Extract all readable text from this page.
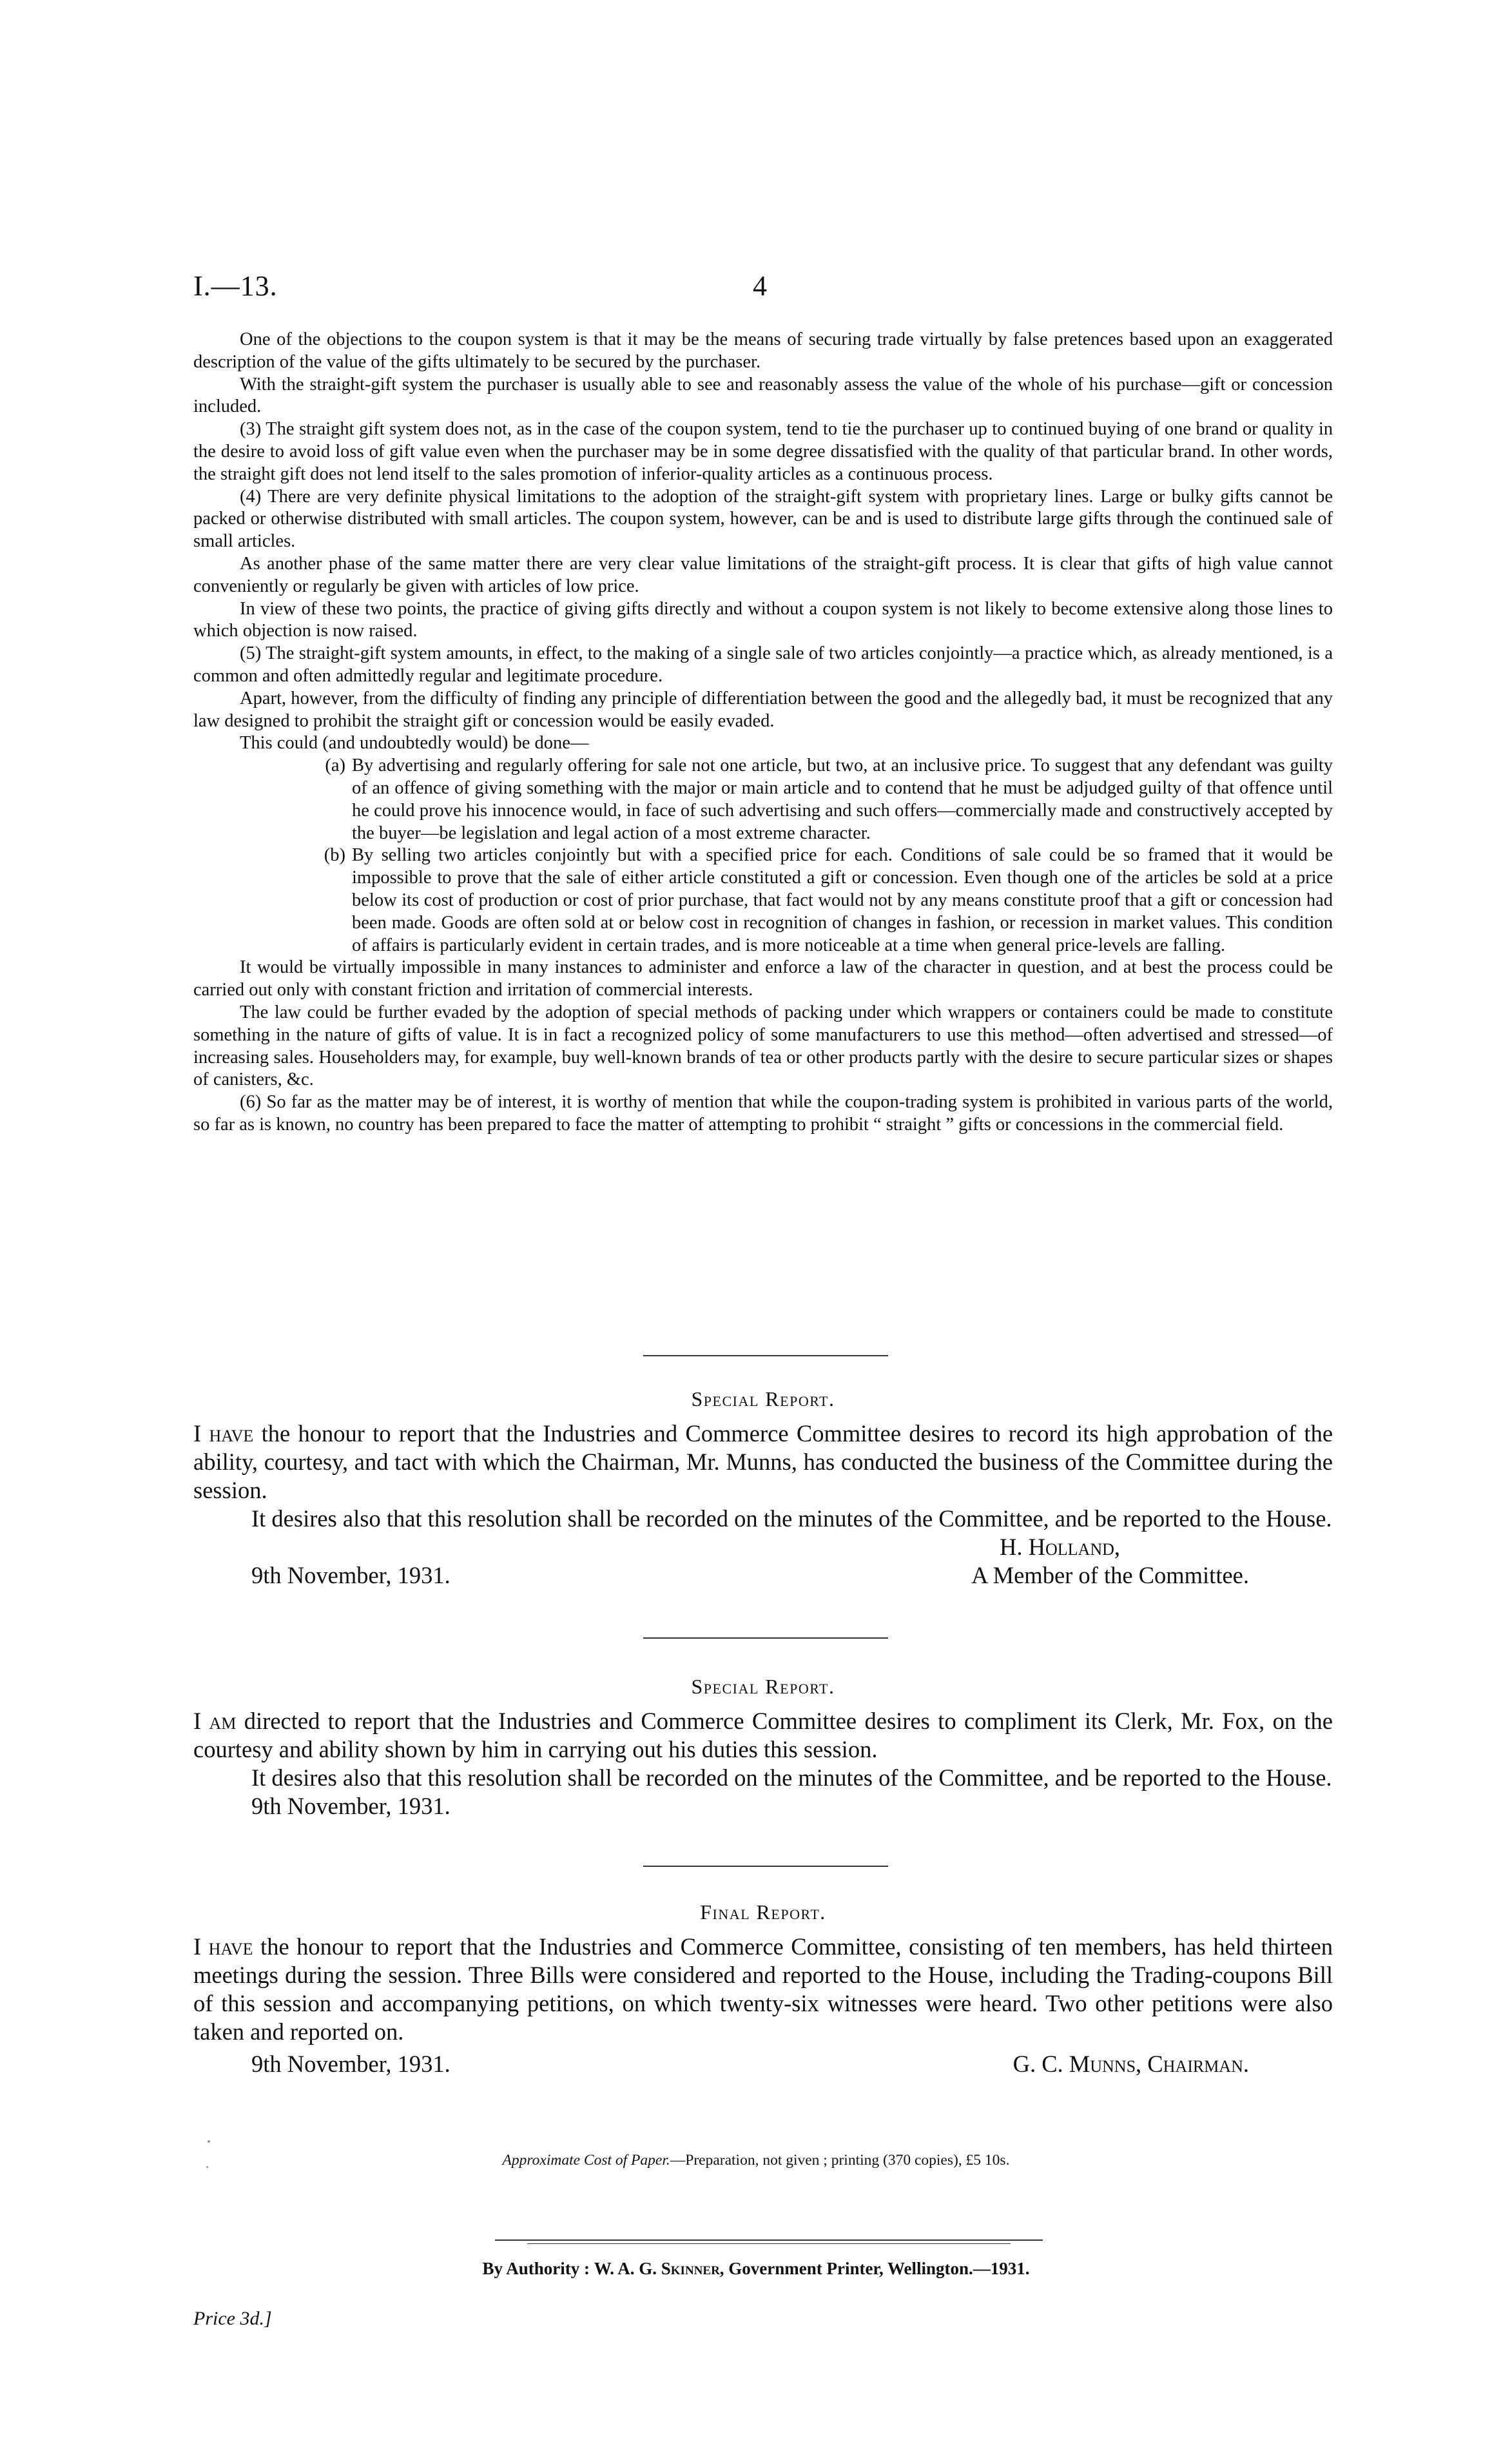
I.—13.	4

One of the objections to the coupon system is that it may be the means of securing trade virtually by false pretences based upon an exaggerated description of the value of the gifts ultimately to be secured by the purchaser.

With the straight-gift system the purchaser is usually able to see and reasonably assess the value of the whole of his purchase—gift or concession included.

(3) The straight gift system does not, as in the case of the coupon system, tend to tie the purchaser up to continued buying of one brand or quality in the desire to avoid loss of gift value even when the purchaser may be in some degree dissatisfied with the quality of that particular brand. In other words, the straight gift does not lend itself to the sales promotion of inferior-quality articles as a continuous process.

(4) There are very definite physical limitations to the adoption of the straight-gift system with proprietary lines. Large or bulky gifts cannot be packed or otherwise distributed with small articles. The coupon system, however, can be and is used to distribute large gifts through the continued sale of small articles.

As another phase of the same matter there are very clear value limitations of the straight-gift process. It is clear that gifts of high value cannot conveniently or regularly be given with articles of low price.

In view of these two points, the practice of giving gifts directly and without a coupon system is not likely to become extensive along those lines to which objection is now raised.

(5) The straight-gift system amounts, in effect, to the making of a single sale of two articles conjointly—a practice which, as already mentioned, is a common and often admittedly regular and legitimate procedure.

Apart, however, from the difficulty of finding any principle of differentiation between the good and the allegedly bad, it must be recognized that any law designed to prohibit the straight gift or concession would be easily evaded.

This could (and undoubtedly would) be done—

(a) By advertising and regularly offering for sale not one article, but two, at an inclusive price. To suggest that any defendant was guilty of an offence of giving something with the major or main article and to contend that he must be adjudged guilty of that offence until he could prove his innocence would, in face of such advertising and such offers—commercially made and constructively accepted by the buyer—be legislation and legal action of a most extreme character.
(b) By selling two articles conjointly but with a specified price for each. Conditions of sale could be so framed that it would be impossible to prove that the sale of either article constituted a gift or concession. Even though one of the articles be sold at a price below its cost of production or cost of prior purchase, that fact would not by any means constitute proof that a gift or concession had been made. Goods are often sold at or below cost in recognition of changes in fashion, or recession in market values. This condition of affairs is particularly evident in certain trades, and is more noticeable at a time when general price-levels are falling.

It would be virtually impossible in many instances to administer and enforce a law of the character in question, and at best the process could be carried out only with constant friction and irritation of commercial interests.

The law could be further evaded by the adoption of special methods of packing under which wrappers or containers could be made to constitute something in the nature of gifts of value. It is in fact a recognized policy of some manufacturers to use this method—often advertised and stressed—of increasing sales. Householders may, for example, buy well-known brands of tea or other products partly with the desire to secure particular sizes or shapes of canisters, &c.

(6) So far as the matter may be of interest, it is worthy of mention that while the coupon-trading system is prohibited in various parts of the world, so far as is known, no country has been prepared to face the matter of attempting to prohibit “ straight ” gifts or concessions in the commercial field.

Special Report.

I have the honour to report that the Industries and Commerce Committee desires to record its high approbation of the ability, courtesy, and tact with which the Chairman, Mr. Munns, has conducted the business of the Committee during the session.

It desires also that this resolution shall be recorded on the minutes of the Committee, and be reported to the House.

H. Holland,
9th November, 1931.	A Member of the Committee.
Special Report.

I am directed to report that the Industries and Commerce Committee desires to compliment its Clerk, Mr. Fox, on the courtesy and ability shown by him in carrying out his duties this session.

It desires also that this resolution shall be recorded on the minutes of the Committee, and be reported to the House.

9th November, 1931.
Final Report.

I have the honour to report that the Industries and Commerce Committee, consisting of ten members, has held thirteen meetings during the session. Three Bills were considered and reported to the House, including the Trading-coupons Bill of this session and accompanying petitions, on which twenty-six witnesses were heard. Two other petitions were also taken and reported on.

9th November, 1931.	G. C. Munns, Chairman.
Approximate Cost of Paper.—Preparation, not given ; printing (370 copies), £5 10s.
By Authority : W. A. G. Skinner, Government Printer, Wellington.—1931.
Price 3d.]
